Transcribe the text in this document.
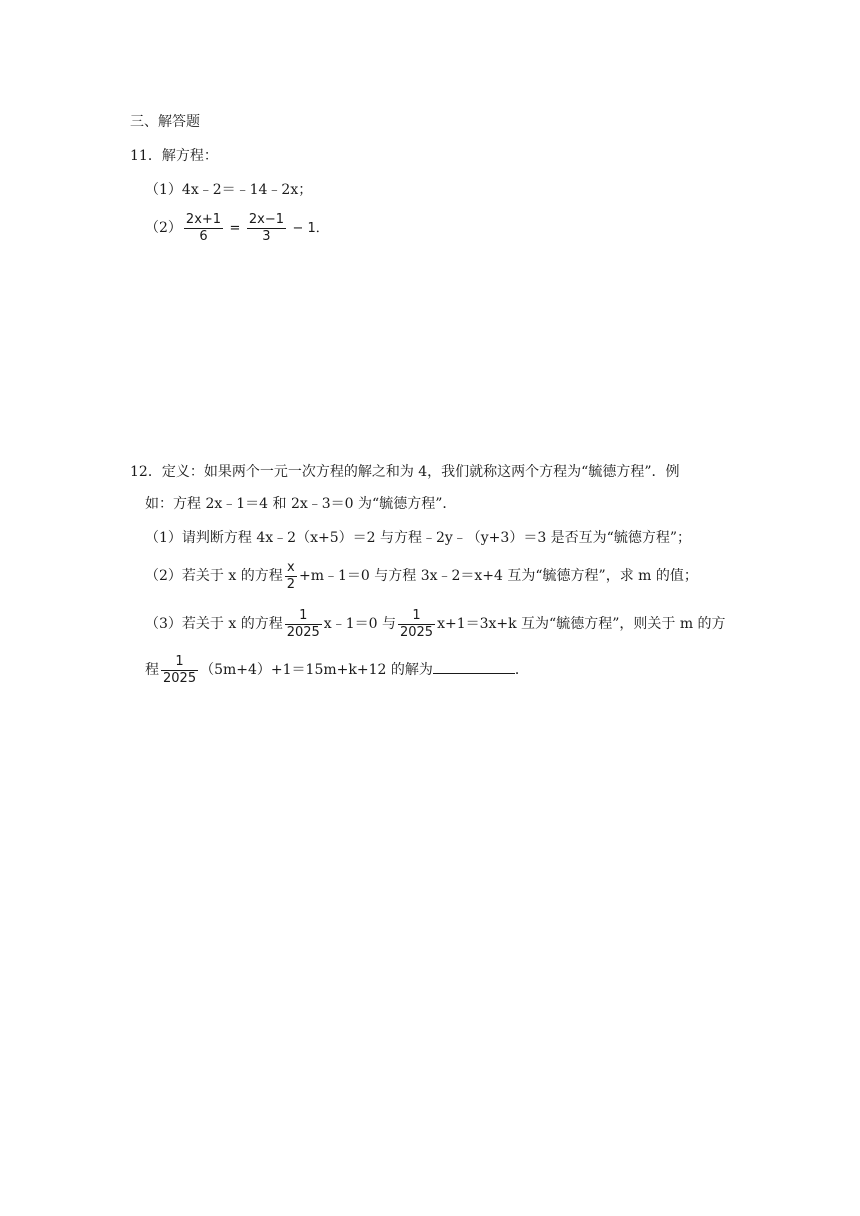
三、解答题
11．解方程：
（1）4x﹣2＝﹣14﹣2x；
$(2) \frac{2x+1}{6} = \frac{2x-1}{3} - 1$．
12．定义：如果两个一元一次方程的解之和为 4，我们就称这两个方程为“毓德方程”．例
如：方程 2x﹣1＝4 和 2x﹣3＝0 为“毓德方程”．
（1）请判断方程 4x﹣2（x+5）＝2 与方程﹣2y﹣（y+3）＝3 是否互为“毓德方程”；
（2）若关于 x 的方程 $\frac{x}{2}$ +m﹣1＝0 与方程 3x﹣2＝x+4 互为“毓德方程”，求 m 的值；
（3）若关于 x 的方程 $\frac{1}{2025}$ x﹣1＝0 与 $\frac{1}{2025} x+1=3x+k$ 互为“毓德方程”，则关于 m 的方
程 $\frac{1}{2025} (5m+4)+1=15m+k+12$ 的解为	．
